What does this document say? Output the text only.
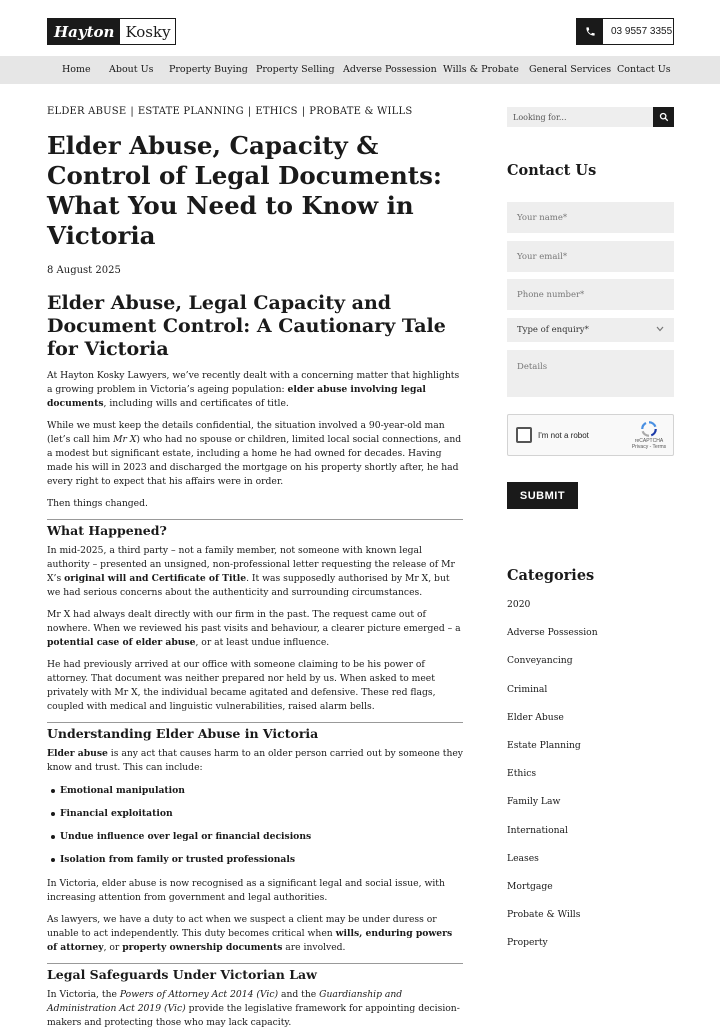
Hayton Kosky	03 9557 3355
Home About Us Property Buying Property Selling Adverse Possession Wills & Probate General Services Contact Us
ELDER ABUSE | ESTATE PLANNING | ETHICS | PROBATE & WILLS
Elder Abuse, Capacity & Control of Legal Documents: What You Need to Know in Victoria
8 August 2025
Elder Abuse, Legal Capacity and Document Control: A Cautionary Tale for Victoria

At Hayton Kosky Lawyers, we’ve recently dealt with a concerning matter that highlights a growing problem in Victoria’s ageing population: elder abuse involving legal documents, including wills and certificates of title.

While we must keep the details confidential, the situation involved a 90-year-old man (let’s call him Mr X) who had no spouse or children, limited local social connections, and a modest but significant estate, including a home he had owned for decades. Having made his will in 2023 and discharged the mortgage on his property shortly after, he had every right to expect that his affairs were in order.

Then things changed.

What Happened?

In mid-2025, a third party – not a family member, not someone with known legal authority – presented an unsigned, non-professional letter requesting the release of Mr X’s original will and Certificate of Title. It was supposedly authorised by Mr X, but we had serious concerns about the authenticity and surrounding circumstances.

Mr X had always dealt directly with our firm in the past. The request came out of nowhere. When we reviewed his past visits and behaviour, a clearer picture emerged – a potential case of elder abuse, or at least undue influence.

He had previously arrived at our office with someone claiming to be his power of attorney. That document was neither prepared nor held by us. When asked to meet privately with Mr X, the individual became agitated and defensive. These red flags, coupled with medical and linguistic vulnerabilities, raised alarm bells.

Understanding Elder Abuse in Victoria

Elder abuse is any act that causes harm to an older person carried out by someone they know and trust. This can include:

Emotional manipulation
Financial exploitation
Undue influence over legal or financial decisions
Isolation from family or trusted professionals

In Victoria, elder abuse is now recognised as a significant legal and social issue, with increasing attention from government and legal authorities.

As lawyers, we have a duty to act when we suspect a client may be under duress or unable to act independently. This duty becomes critical when wills, enduring powers of attorney, or property ownership documents are involved.

Legal Safeguards Under Victorian Law

In Victoria, the Powers of Attorney Act 2014 (Vic) and the Guardianship and Administration Act 2019 (Vic) provide the legislative framework for appointing decision-makers and protecting those who may lack capacity.

Looking for...
Contact Us
Your name*
Your email*
Phone number*
Type of enquiry*
Details
I'm not a robot
reCAPTCHA
Privacy - Terms
SUBMIT
Categories
2020
Adverse Possession
Conveyancing
Criminal
Elder Abuse
Estate Planning
Ethics
Family Law
International
Leases
Mortgage
Probate & Wills
Property
